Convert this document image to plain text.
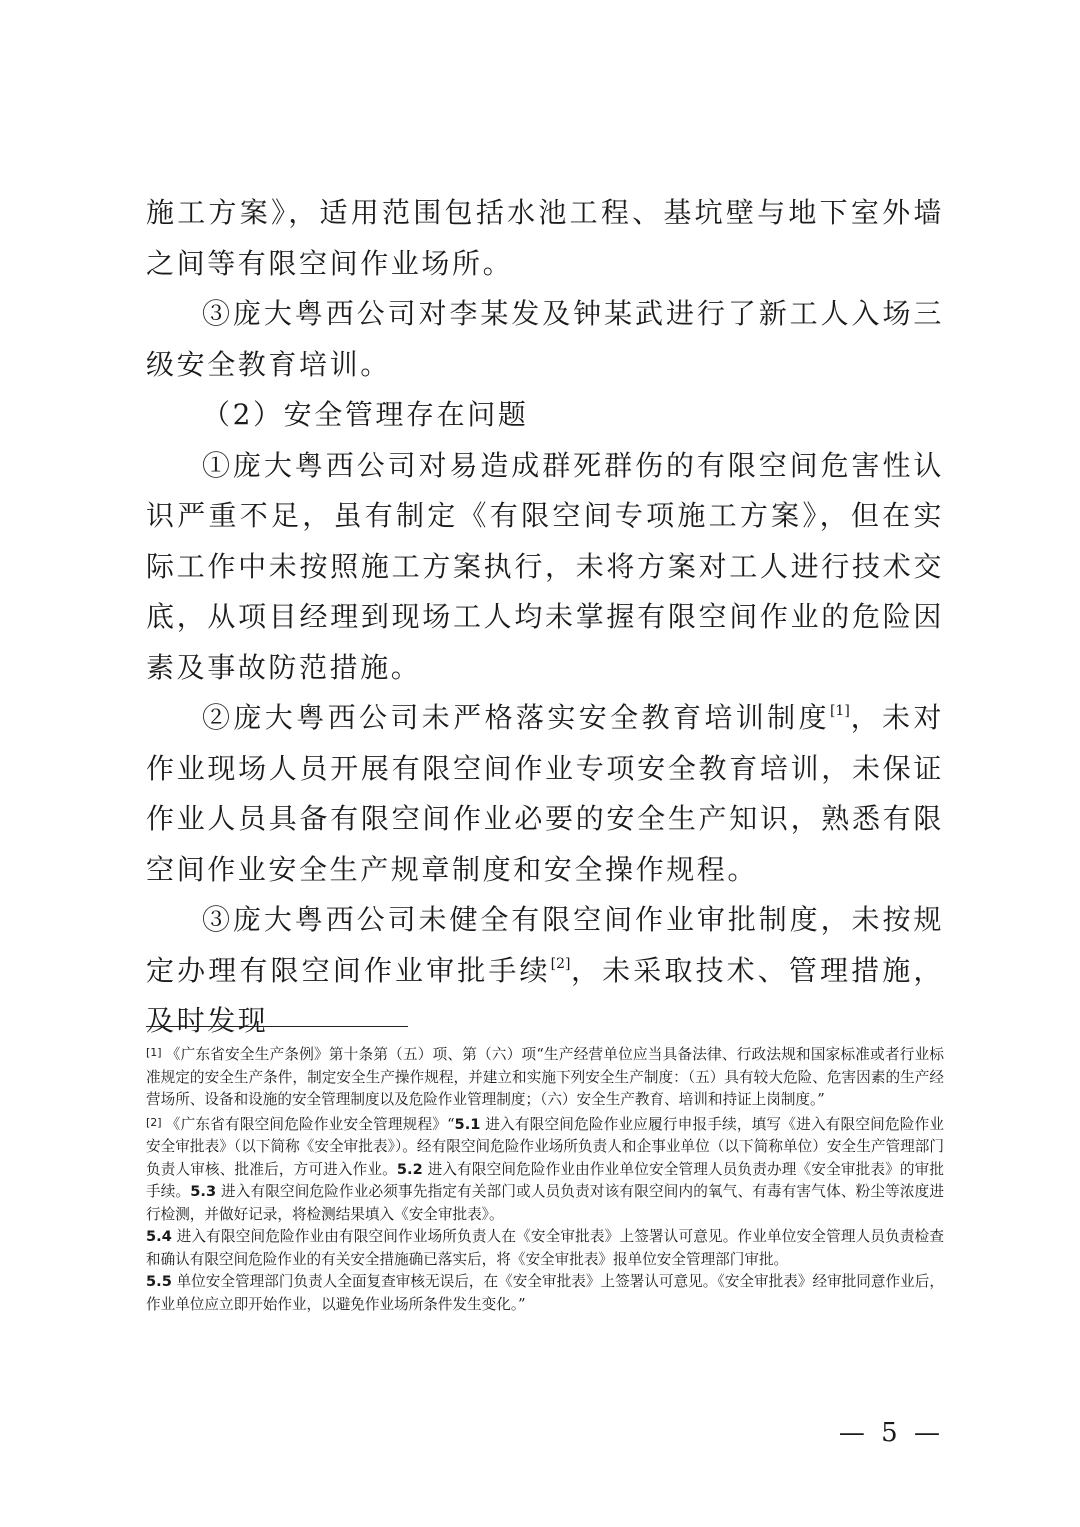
施工方案》，适用范围包括水池工程、基坑壁与地下室外墙之间等有限空间作业场所。

③庞大粤西公司对李某发及钟某武进行了新工人入场三级安全教育培训。

（2）安全管理存在问题

①庞大粤西公司对易造成群死群伤的有限空间危害性认识严重不足，虽有制定《有限空间专项施工方案》，但在实际工作中未按照施工方案执行，未将方案对工人进行技术交底，从项目经理到现场工人均未掌握有限空间作业的危险因素及事故防范措施。

②庞大粤西公司未严格落实安全教育培训制度[1]，未对作业现场人员开展有限空间作业专项安全教育培训，未保证作业人员具备有限空间作业必要的安全生产知识，熟悉有限空间作业安全生产规章制度和安全操作规程。

③庞大粤西公司未健全有限空间作业审批制度，未按规定办理有限空间作业审批手续[2]，未采取技术、管理措施，及时发现

[1] 《广东省安全生产条例》第十条第（五）项、第（六）项“生产经营单位应当具备法律、行政法规和国家标准或者行业标准规定的安全生产条件，制定安全生产操作规程，并建立和实施下列安全生产制度：（五）具有较大危险、危害因素的生产经营场所、设备和设施的安全管理制度以及危险作业管理制度；（六）安全生产教育、培训和持证上岗制度。”

[2] 《广东省有限空间危险作业安全管理规程》“5.1 进入有限空间危险作业应履行申报手续，填写《进入有限空间危险作业安全审批表》（以下简称《安全审批表》）。经有限空间危险作业场所负责人和企事业单位（以下简称单位）安全生产管理部门负责人审核、批准后，方可进入作业。5.2 进入有限空间危险作业由作业单位安全管理人员负责办理《安全审批表》的审批手续。5.3 进入有限空间危险作业必须事先指定有关部门或人员负责对该有限空间内的氧气、有毒有害气体、粉尘等浓度进行检测，并做好记录，将检测结果填入《安全审批表》。

5.4 进入有限空间危险作业由有限空间作业场所负责人在《安全审批表》上签署认可意见。作业单位安全管理人员负责检查和确认有限空间危险作业的有关安全措施确已落实后，将《安全审批表》报单位安全管理部门审批。

5.5 单位安全管理部门负责人全面复查审核无误后，在《安全审批表》上签署认可意见。《安全审批表》经审批同意作业后，作业单位应立即开始作业，以避免作业场所条件发生变化。”

— 5 —
